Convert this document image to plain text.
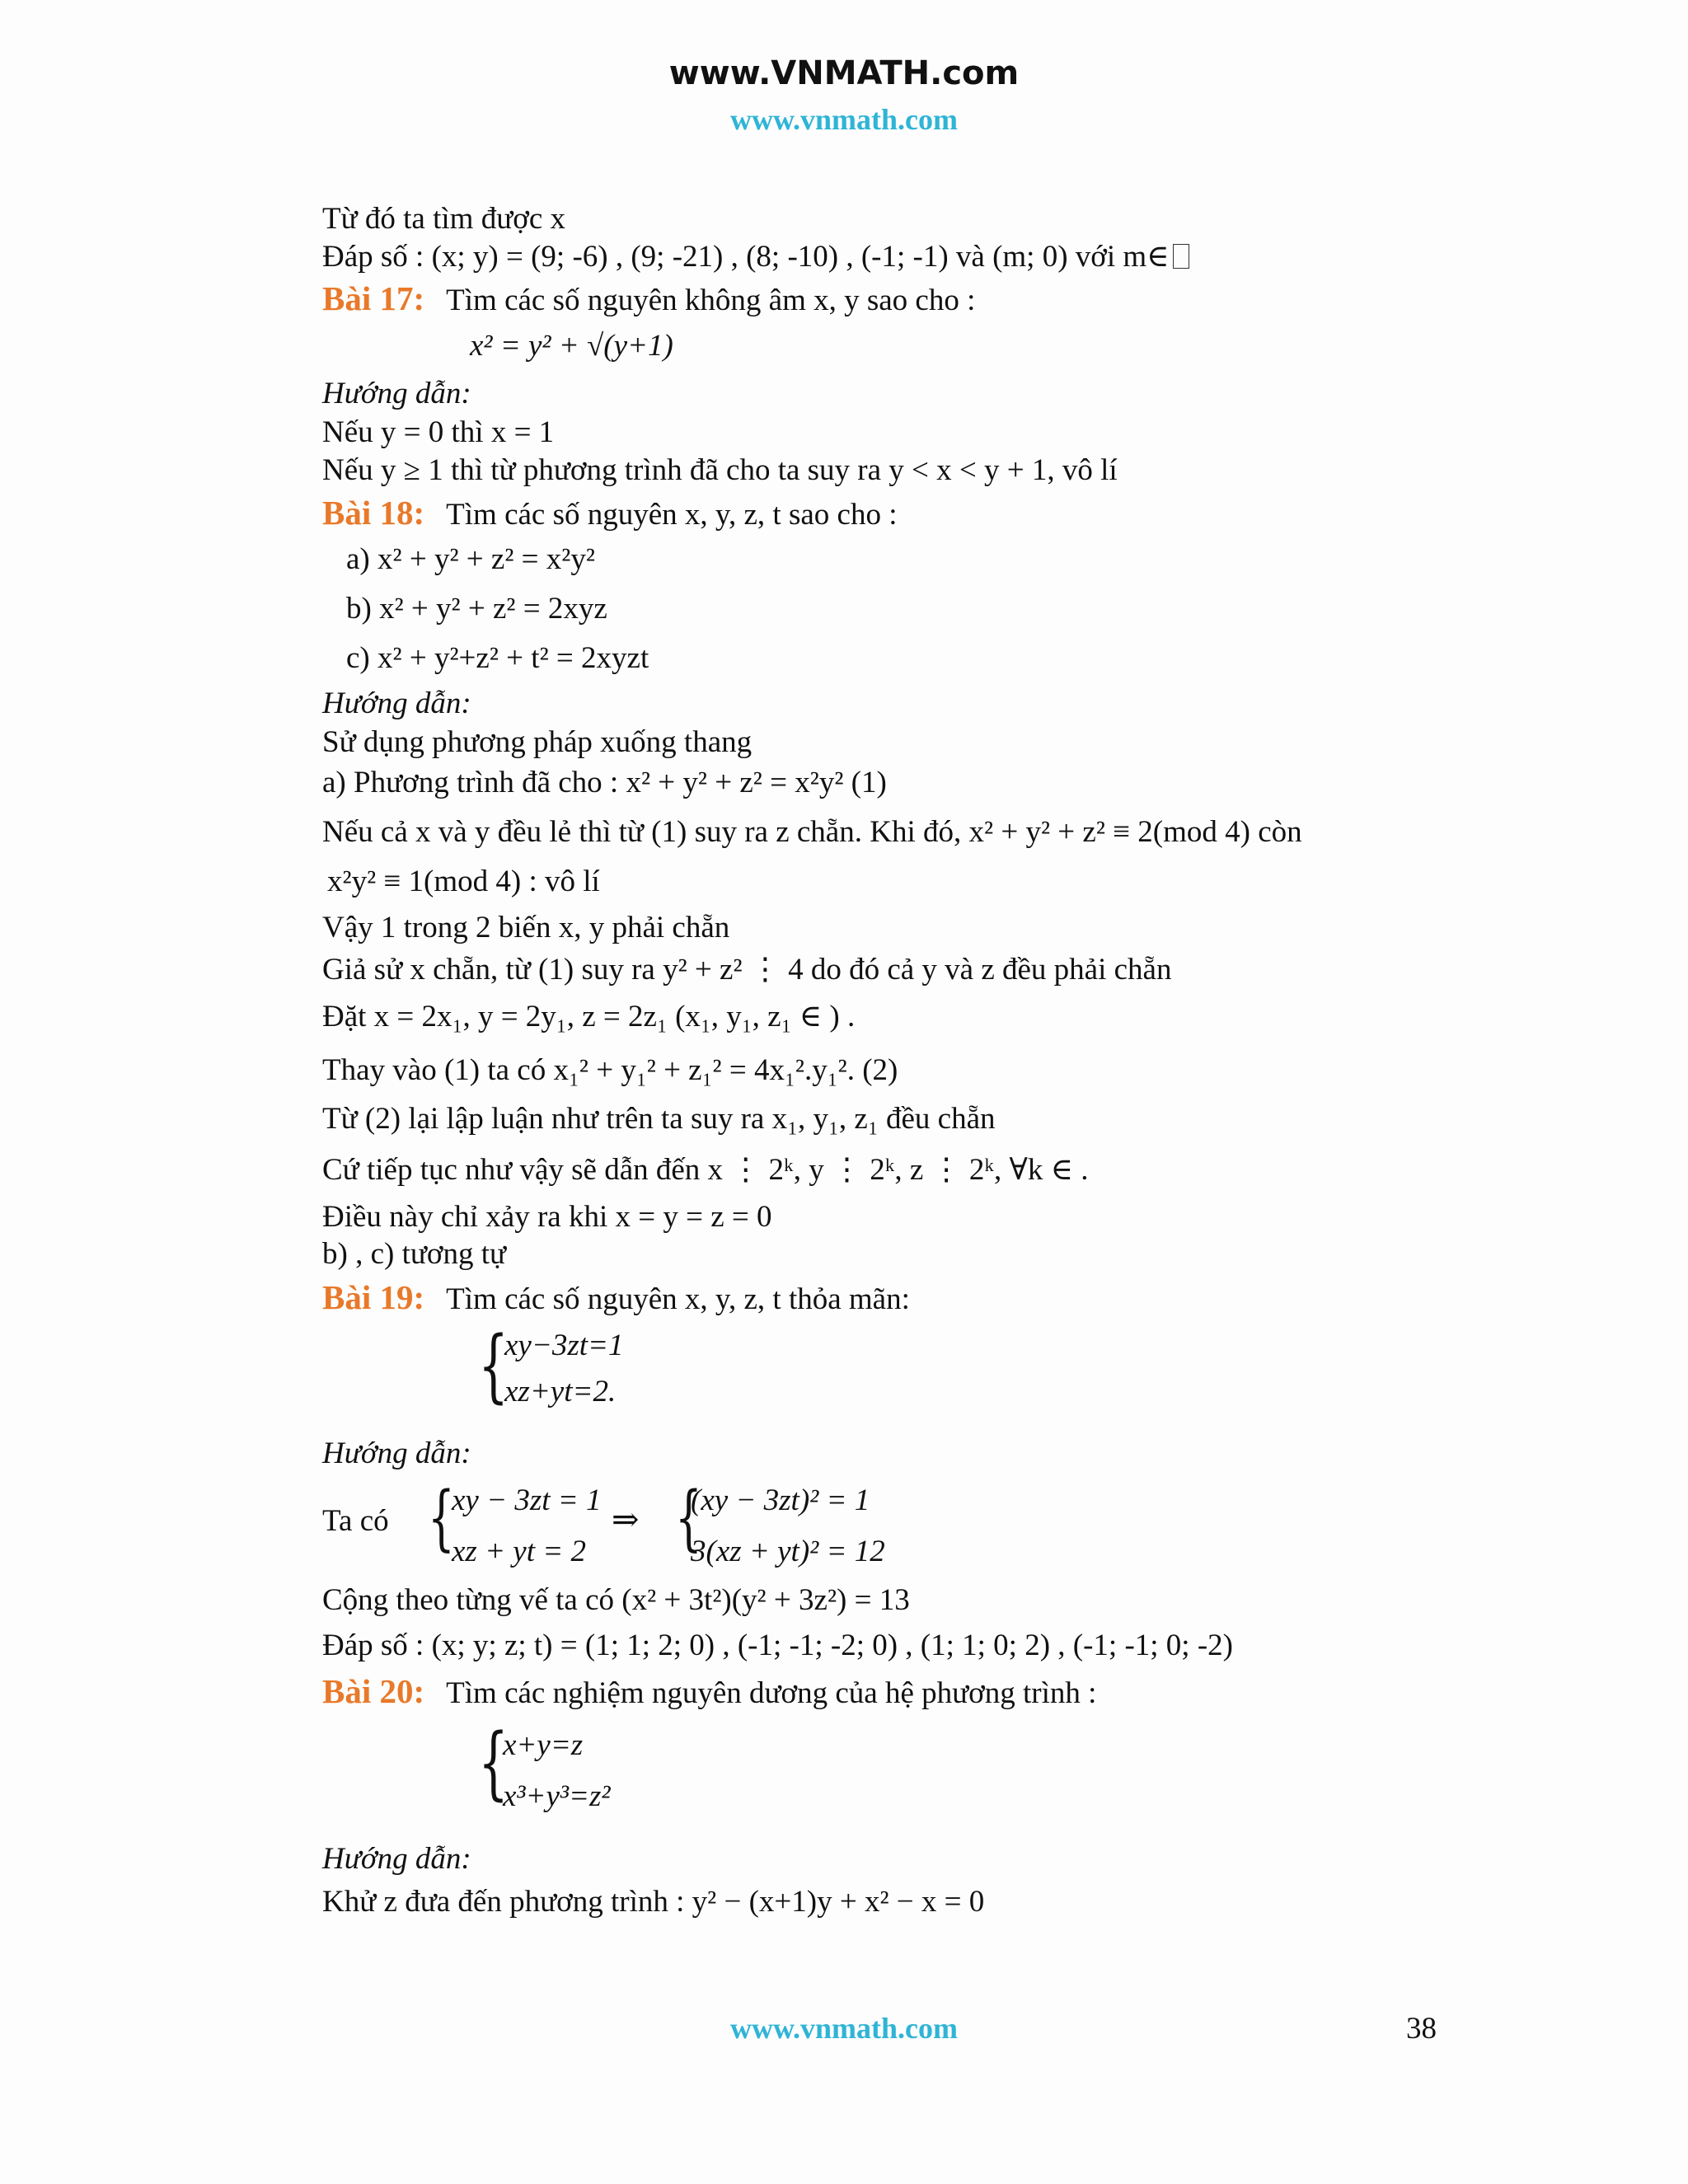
www.VNMATH.com
www.vnmath.com
Từ đó ta tìm được x
Đáp số : (x; y) = (9; -6) , (9; -21) , (8; -10) , (-1; -1) và (m; 0) với m∈
Bài 17: Tìm các số nguyên không âm x, y sao cho :
x² = y² + √(y+1)
Hướng dẫn:
Nếu y = 0 thì x = 1
Nếu y ≥ 1 thì từ phương trình đã cho ta suy ra y < x < y + 1, vô lí
Bài 18: Tìm các số nguyên x, y, z, t sao cho :
a) x² + y² + z² = x²y²
b) x² + y² + z² = 2xyz
c) x² + y²+z² + t² = 2xyzt
Hướng dẫn:
Sử dụng phương pháp xuống thang
a) Phương trình đã cho : x² + y² + z² = x²y² (1)
Nếu cả x và y đều lẻ thì từ (1) suy ra z chẵn. Khi đó, x² + y² + z² ≡ 2(mod 4) còn
x²y² ≡ 1(mod 4) : vô lí
Vậy 1 trong 2 biến x, y phải chẵn
Giả sử x chẵn, từ (1) suy ra y² + z² ⋮ 4 do đó cả y và z đều phải chẵn
Đặt x = 2x₁, y = 2y₁, z = 2z₁ (x₁, y₁, z₁ ∈ ) .
Thay vào (1) ta có x₁² + y₁² + z₁² = 4x₁².y₁². (2)
Từ (2) lại lập luận như trên ta suy ra x₁, y₁, z₁ đều chẵn
Cứ tiếp tục như vậy sẽ dẫn đến x ⋮ 2ᵏ, y ⋮ 2ᵏ, z ⋮ 2ᵏ, ∀k ∈ .
Điều này chỉ xảy ra khi x = y = z = 0
b) , c) tương tự
Bài 19: Tìm các số nguyên x, y, z, t thỏa mãn:
{
xy−3zt=1
xz+yt=2.
Hướng dẫn:
Ta có {
xy − 3zt = 1
xz + yt = 2
⇒ {
(xy − 3zt)² = 1
3(xz + yt)² = 12
Cộng theo từng vế ta có (x² + 3t²)(y² + 3z²) = 13
Đáp số : (x; y; z; t) = (1; 1; 2; 0) , (-1; -1; -2; 0) , (1; 1; 0; 2) , (-1; -1; 0; -2)
Bài 20: Tìm các nghiệm nguyên dương của hệ phương trình :
{
x+y=z
x³+y³=z²
Hướng dẫn:
Khử z đưa đến phương trình : y² − (x+1)y + x² − x = 0
www.vnmath.com	38
